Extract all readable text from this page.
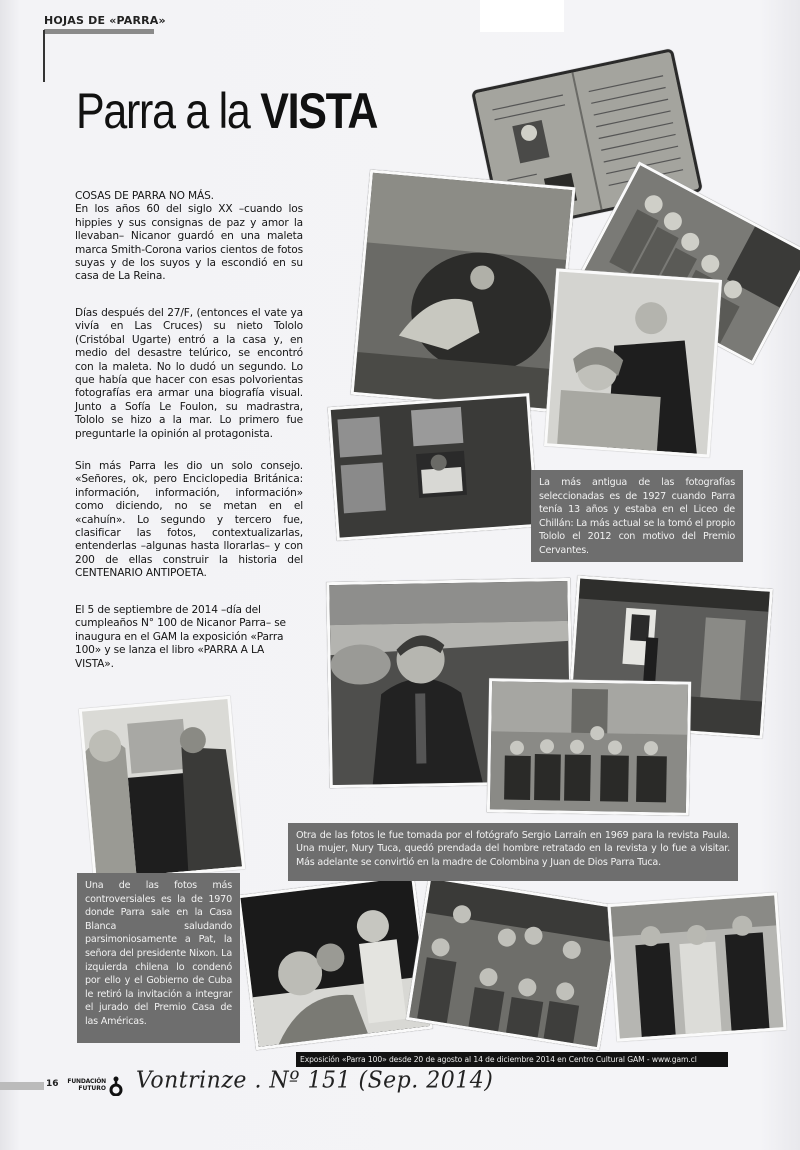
HOJAS DE «PARRA»
Parra a la VISTA

COSAS DE PARRA NO MÁS.

En los años 60 del siglo XX –cuando los hippies y sus consignas de paz y amor la llevaban– Nicanor guardó en una maleta marca Smith-Corona varios cientos de fotos suyas y de los suyos y la escondió en su casa de La Reina.

Días después del 27/F, (entonces el vate ya vivía en Las Cruces) su nieto Tololo (Cristóbal Ugarte) entró a la casa y, en medio del desastre telúrico, se encontró con la maleta. No lo dudó un segundo. Lo que había que hacer con esas polvorientas fotografías era armar una biografía visual. Junto a Sofía Le Foulon, su madrastra, Tololo se hizo a la mar. Lo primero fue preguntarle la opinión al protagonista.

Sin más Parra les dio un solo consejo. «Señores, ok, pero Enciclopedia Británica: información, información, información» como diciendo, no se metan en el «cahuín». Lo segundo y tercero fue, clasificar las fotos, contextualizarlas, entenderlas –algunas hasta llorarlas– y con 200 de ellas construir la historia del CENTENARIO ANTIPOETA.

El 5 de septiembre de 2014 –día del cumpleaños N° 100 de Nicanor Parra– se inaugura en el GAM la exposición «Parra 100» y se lanza el libro «PARRA A LA VISTA».

La más antigua de las fotografías seleccionadas es de 1927 cuando Parra tenía 13 años y estaba en el Liceo de Chillán: La más actual se la tomó el propio Tololo el 2012 con motivo del Premio Cervantes.
Otra de las fotos le fue tomada por el fotógrafo Sergio Larraín en 1969 para la revista Paula. Una mujer, Nury Tuca, quedó prendada del hombre retratado en la revista y lo fue a visitar. Más adelante se convirtió en la madre de Colombina y Juan de Dios Parra Tuca.
Una de las fotos más controversiales es la de 1970 donde Parra sale en la Casa Blanca saludando parsimoniosamente a Pat, la señora del presidente Nixon. La izquierda chilena lo condenó por ello y el Gobierno de Cuba le retiró la invitación a integrar el jurado del Premio Casa de las Américas.
Exposición «Parra 100» desde 20 de agosto al 14 de diciembre 2014 en Centro Cultural GAM - www.gam.cl
16 FUNDACIÓN
FUTURO Vontrinze . Nº 151 (Sep. 2014)
